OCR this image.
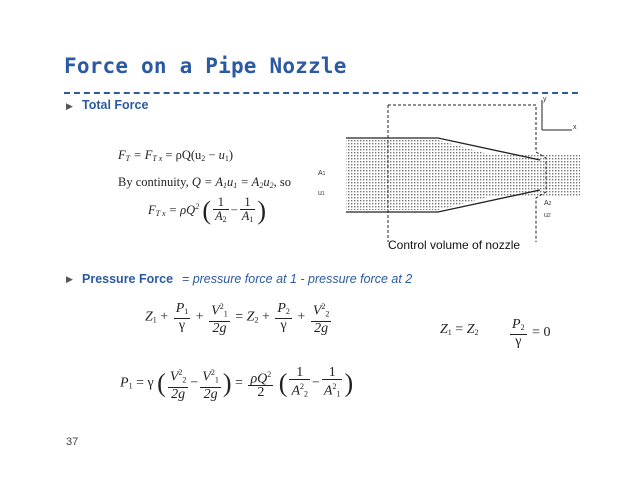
Force on a Pipe Nozzle
▶ Total Force
$F_T = F_{T x} = \rho Q(u_2 - u_1)$
By continuity, $Q = A_1u_1 = A_2u_2$, so
$F_{T x} = \rho Q^2$ ( $\frac{1}{A_2} - \frac{1}{A_1}$ )
y
x
A1
u1
A2
u2
Control volume of nozzle
▶ Pressure Force = pressure force at 1 - pressure force at 2
$Z_1 + \frac{P_1}{\gamma} + \frac{V^2_1}{2g} = Z_2 + \frac{P_2}{\gamma} + \frac{V^2_2}{2g}$	$Z_1 = Z_2 \frac{P_2}{\gamma} = 0$
$P_1 = \gamma$ ( $\frac{V^2_2}{2g} - \frac{V^2_1}{2g}$ ) = $\frac{\rho Q^2}{2}$ ( $\frac{1}{A^2_2} - \frac{1}{A^2_1}$ )
37
